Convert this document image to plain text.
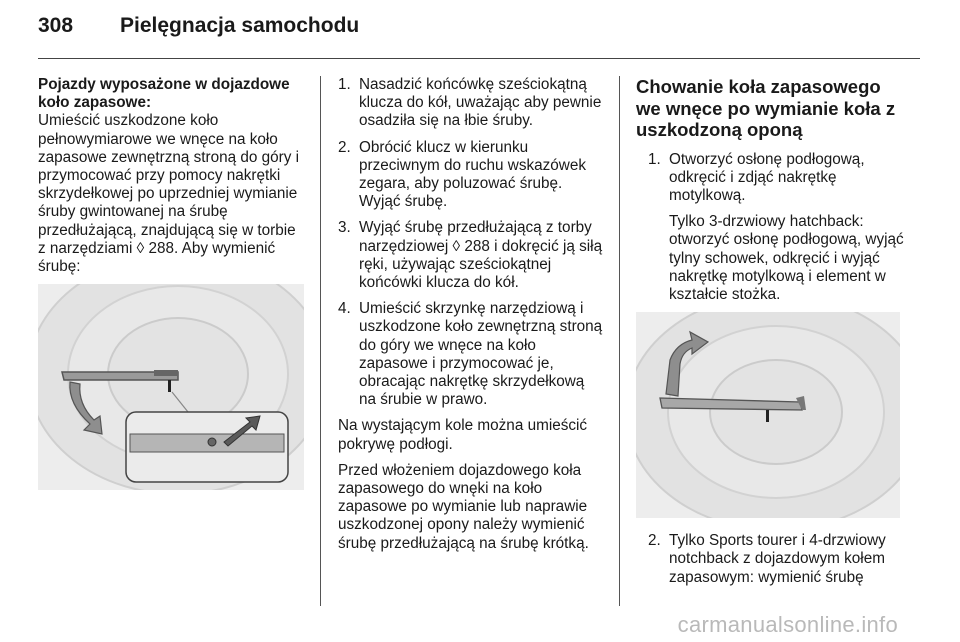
308 Pielęgnacja samochodu

Pojazdy wyposażone w dojazdowe
koło zapasowe:

Umieścić uszkodzone koło pełnowymiarowe we wnęce na koło zapasowe zewnętrzną stroną do góry i przymocować przy pomocy nakrętki skrzydełkowej po uprzedniej wymianie śruby gwintowanej na śrubę przedłużającą, znajdującą się w torbie z narzędziami ◊ 288. Aby wymienić śrubę:

1. Nasadzić końcówkę sześciokątną klucza do kół, uważając aby pewnie osadziła się na łbie śruby.
2. Obrócić klucz w kierunku przeciwnym do ruchu wskazówek zegara, aby poluzować śrubę. Wyjąć śrubę.
3. Wyjąć śrubę przedłużającą z torby narzędziowej ◊ 288 i dokręcić ją siłą ręki, używając sześciokątnej końcówki klucza do kół.
4. Umieścić skrzynkę narzędziową i uszkodzone koło zewnętrzną stroną do góry we wnęce na koło zapasowe i przymocować je, obracając nakrętkę skrzydełkową na śrubie w prawo.

Na wystającym kole można umieścić pokrywę podłogi.

Przed włożeniem dojazdowego koła zapasowego do wnęki na koło zapasowe po wymianie lub naprawie uszkodzonej opony należy wymienić śrubę przedłużającą na śrubę krótką.

Chowanie koła zapasowego we wnęce po wymianie koła z uszkodzoną oponą

1. Otworzyć osłonę podłogową, odkręcić i zdjąć nakrętkę motylkową.

Tylko 3-drzwiowy hatchback: otworzyć osłonę podłogową, wyjąć tylny schowek, odkręcić i wyjąć nakrętkę motylkową i element w kształcie stożka.

2. Tylko Sports tourer i 4-drzwiowy notchback z dojazdowym kołem zapasowym: wymienić śrubę
carmanualsonline.info
